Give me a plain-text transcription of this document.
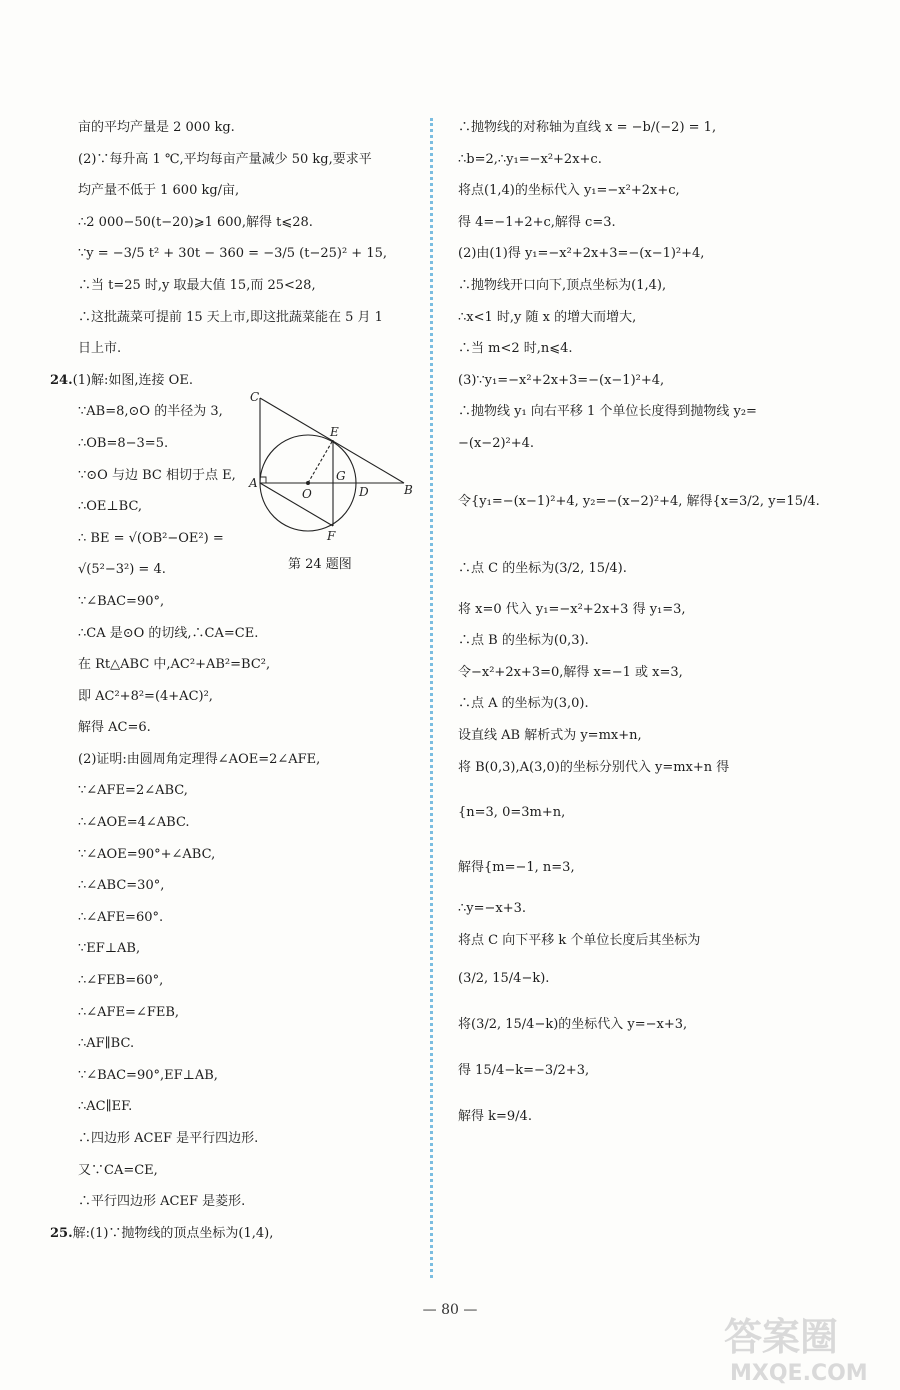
亩的平均产量是 2 000 kg.
(2)∵每升高 1 ℃,平均每亩产量减少 50 kg,要求平
均产量不低于 1 600 kg/亩,
∴2 000−50(t−20)⩾1 600,解得 t⩽28.
∵y = −3/5 t² + 30t − 360 = −3/5 (t−25)² + 15,
∴当 t=25 时,y 取最大值 15,而 25<28,
∴这批蔬菜可提前 15 天上市,即这批蔬菜能在 5 月 1
日上市.
24.(1)解:如图,连接 OE.
∵AB=8,⊙O 的半径为 3,
∴OB=8−3=5.
∵⊙O 与边 BC 相切于点 E,
∴OE⊥BC,
∴ BE = √(OB²−OE²) =
√(5²−3²) = 4.
∵∠BAC=90°,
∴CA 是⊙O 的切线,∴CA=CE.
在 Rt△ABC 中,AC²+AB²=BC²,
即 AC²+8²=(4+AC)²,
解得 AC=6.
(2)证明:由圆周角定理得∠AOE=2∠AFE,
∵∠AFE=2∠ABC,
∴∠AOE=4∠ABC.
∵∠AOE=90°+∠ABC,
∴∠ABC=30°,
∴∠AFE=60°.
∵EF⊥AB,
∴∠FEB=60°,
∴∠AFE=∠FEB,
∴AF∥BC.
∵∠BAC=90°,EF⊥AB,
∴AC∥EF.
∴四边形 ACEF 是平行四边形.
又∵CA=CE,
∴平行四边形 ACEF 是菱形.
25.解:(1)∵抛物线的顶点坐标为(1,4),
C
E
A
O
G
D	B
F
第 24 题图
∴抛物线的对称轴为直线 x = −b/(−2) = 1,
∴b=2,∴y₁=−x²+2x+c.
将点(1,4)的坐标代入 y₁=−x²+2x+c,
得 4=−1+2+c,解得 c=3.
(2)由(1)得 y₁=−x²+2x+3=−(x−1)²+4,
∴抛物线开口向下,顶点坐标为(1,4),
∴x<1 时,y 随 x 的增大而增大,
∴当 m<2 时,n⩽4.
(3)∵y₁=−x²+2x+3=−(x−1)²+4,
∴抛物线 y₁ 向右平移 1 个单位长度得到抛物线 y₂=
−(x−2)²+4.
令{y₁=−(x−1)²+4, y₂=−(x−2)²+4, 解得{x=3/2, y=15/4.
∴点 C 的坐标为(3/2, 15/4).
将 x=0 代入 y₁=−x²+2x+3 得 y₁=3,
∴点 B 的坐标为(0,3).
令−x²+2x+3=0,解得 x=−1 或 x=3,
∴点 A 的坐标为(3,0).
设直线 AB 解析式为 y=mx+n,
将 B(0,3),A(3,0)的坐标分别代入 y=mx+n 得
{n=3, 0=3m+n,
解得{m=−1, n=3,
∴y=−x+3.
将点 C 向下平移 k 个单位长度后其坐标为
(3/2, 15/4−k).
将(3/2, 15/4−k)的坐标代入 y=−x+3,
得 15/4−k=−3/2+3,
解得 k=9/4.
— 80 —
答案圈
MXQE.COM
